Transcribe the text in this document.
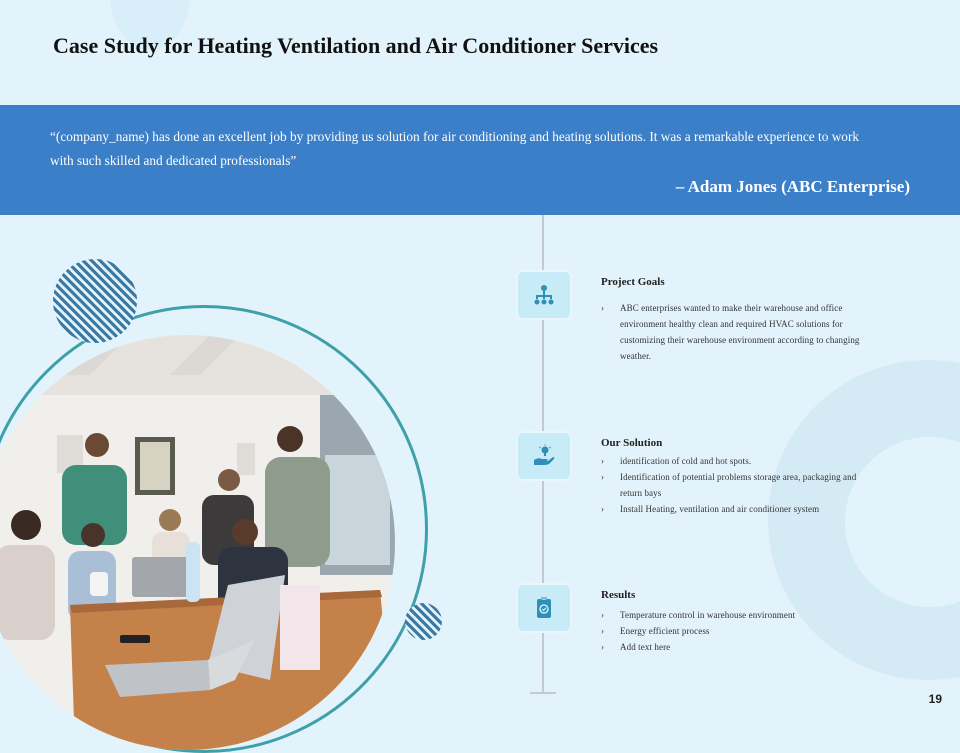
Case Study for Heating Ventilation and Air Conditioner Services

“(company_name) has done an excellent job by providing us solution for air conditioning and heating solutions. It was a remarkable experience to work with such skilled and dedicated professionals”

– Adam Jones (ABC Enterprise)
Project Goals
› ABC enterprises wanted to make their warehouse and office environment healthy clean and required HVAC solutions for customizing their warehouse environment according to changing weather.
Our Solution
› identification of cold and hot spots.
› Identification of potential problems storage area, packaging and return bays
› Install Heating, ventilation and air conditioner system
Results
› Temperature control in warehouse environment
› Energy efficient process
› Add text here
19
